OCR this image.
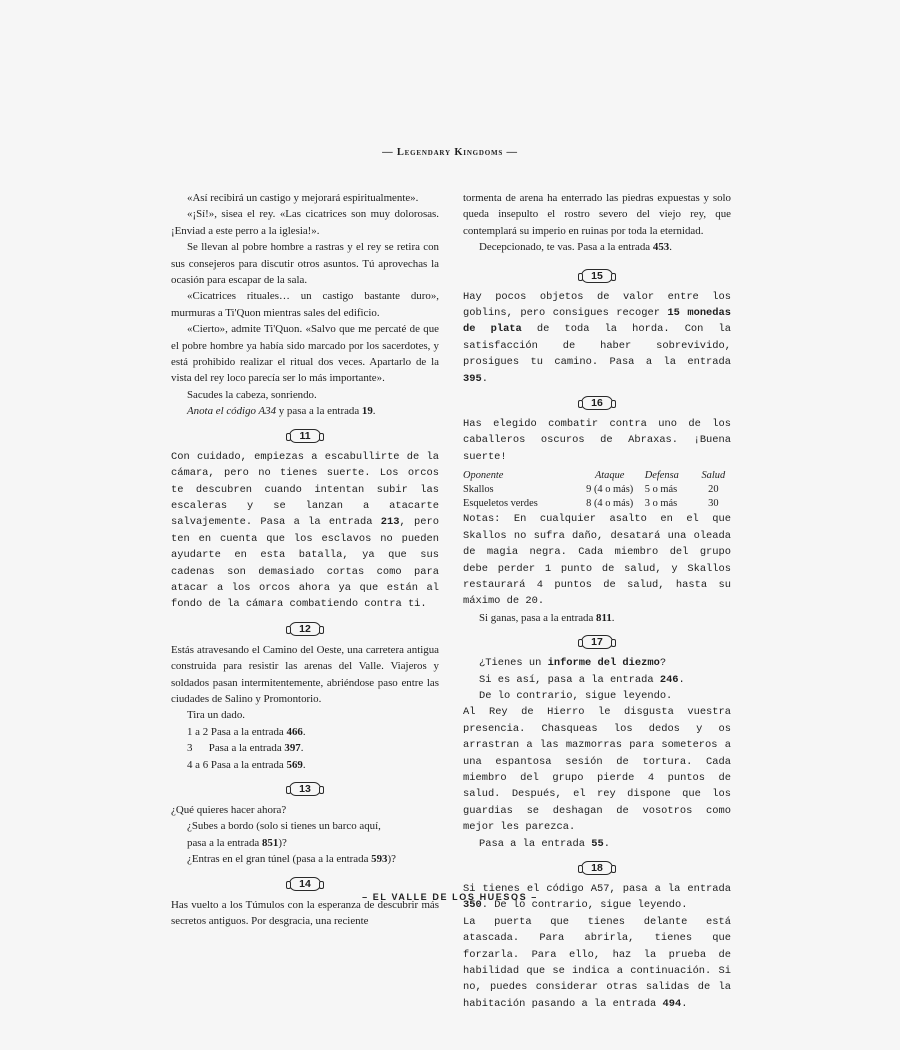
— Legendary Kingdoms —

«Así recibirá un castigo y mejorará espiritualmente».

«¡Sí!», sisea el rey. «Las cicatrices son muy dolorosas. ¡Enviad a este perro a la iglesia!».

Se llevan al pobre hombre a rastras y el rey se retira con sus consejeros para discutir otros asuntos. Tú aprovechas la ocasión para escapar de la sala.

«Cicatrices rituales… un castigo bastante duro», murmuras a Ti'Quon mientras sales del edificio.

«Cierto», admite Ti'Quon. «Salvo que me percaté de que el pobre hombre ya había sido marcado por los sacerdotes, y está prohibido realizar el ritual dos veces. Apartarlo de la vista del rey loco parecía ser lo más importante».

Sacudes la cabeza, sonriendo.

Anota el código A34 y pasa a la entrada 19.

11

Con cuidado, empiezas a escabullirte de la cámara, pero no tienes suerte. Los orcos te descubren cuando intentan subir las escaleras y se lanzan a atacarte salvajemente. Pasa a la entrada 213, pero ten en cuenta que los esclavos no pueden ayudarte en esta batalla, ya que sus cadenas son demasiado cortas como para atacar a los orcos ahora ya que están al fondo de la cámara combatiendo contra ti.

12

Estás atravesando el Camino del Oeste, una carretera antigua construida para resistir las arenas del Valle. Viajeros y soldados pasan intermitentemente, abriéndose paso entre las ciudades de Salino y Promontorio.

Tira un dado.

1 a 2 Pasa a la entrada 466.

3      Pasa a la entrada 397.

4 a 6 Pasa a la entrada 569.

13

¿Qué quieres hacer ahora?

¿Subes a bordo (solo si tienes un barco aquí,

pasa a la entrada 851)?

¿Entras en el gran túnel (pasa a la entrada 593)?

14

Has vuelto a los Túmulos con la esperanza de descubrir más secretos antiguos. Por desgracia, una reciente

tormenta de arena ha enterrado las piedras expuestas y solo queda insepulto el rostro severo del viejo rey, que contemplará su imperio en ruinas por toda la eternidad.

Decepcionado, te vas. Pasa a la entrada 453.

15

Hay pocos objetos de valor entre los goblins, pero consigues recoger 15 monedas de plata de toda la horda. Con la satisfacción de haber sobrevivido, prosigues tu camino. Pasa a la entrada 395.

16

Has elegido combatir contra uno de los caballeros oscuros de Abraxas. ¡Buena suerte!

Oponente	Ataque	Defensa	Salud
Skallos	9 (4 o más)	5 o más	20
Esqueletos verdes	8 (4 o más)	3 o más	30

Notas: En cualquier asalto en el que Skallos no sufra daño, desatará una oleada de magia negra. Cada miembro del grupo debe perder 1 punto de salud, y Skallos restaurará 4 puntos de salud, hasta su máximo de 20.

Si ganas, pasa a la entrada 811.

17

¿Tienes un informe del diezmo?

Si es así, pasa a la entrada 246.

De lo contrario, sigue leyendo.

Al Rey de Hierro le disgusta vuestra presencia. Chasqueas los dedos y os arrastran a las mazmorras para someteros a una espantosa sesión de tortura. Cada miembro del grupo pierde 4 puntos de salud. Después, el rey dispone que los guardias se deshagan de vosotros como mejor les parezca.

Pasa a la entrada 55.

18

Si tienes el código A57, pasa a la entrada 350. De lo contrario, sigue leyendo.

La puerta que tienes delante está atascada. Para abrirla, tienes que forzarla. Para ello, haz la prueba de habilidad que se indica a continuación. Si no, puedes considerar otras salidas de la habitación pasando a la entrada 494.

– EL VALLE DE LOS HUESOS –
